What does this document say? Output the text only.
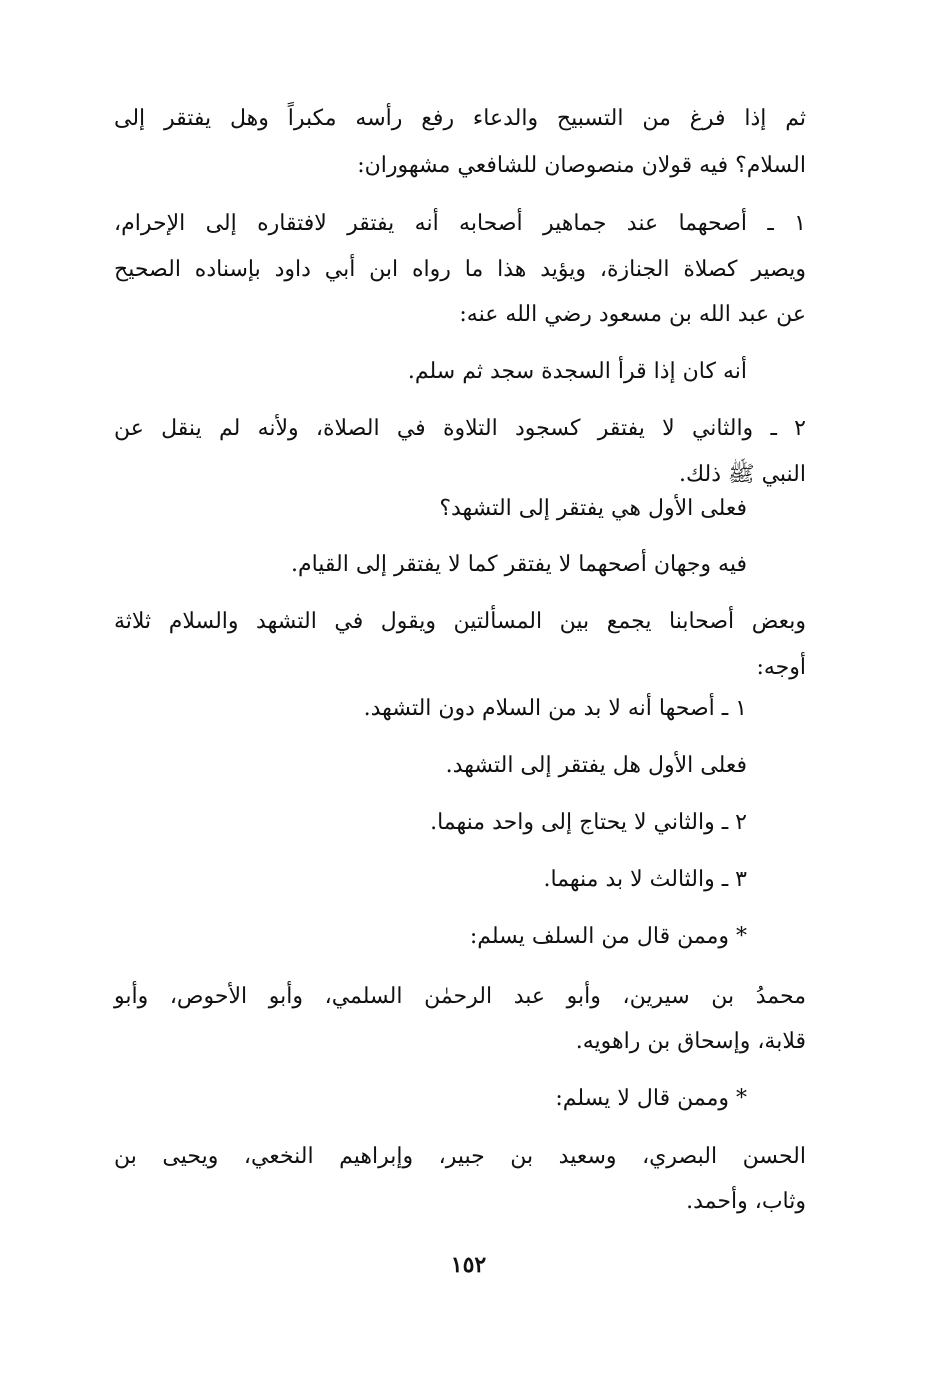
ثم إذا فرغ من التسبيح والدعاء رفع رأسه مكبراً وهل يفتقر إلى
السلام؟ فيه قولان منصوصان للشافعي مشهوران:
١ ـ أصحهما عند جماهير أصحابه أنه يفتقر لافتقاره إلى الإحرام،
ويصير كصلاة الجنازة، ويؤيد هذا ما رواه ابن أبي داود بإسناده الصحيح
عن عبد الله بن مسعود رضي الله عنه:
أنه كان إذا قرأ السجدة سجد ثم سلم.
٢ ـ والثاني لا يفتقر كسجود التلاوة في الصلاة، ولأنه لم ينقل عن
النبي ﷺ ذلك.
فعلى الأول هي يفتقر إلى التشهد؟
فيه وجهان أصحهما لا يفتقر كما لا يفتقر إلى القيام.
وبعض أصحابنا يجمع بين المسألتين ويقول في التشهد والسلام ثلاثة
أوجه:
١ ـ أصحها أنه لا بد من السلام دون التشهد.
فعلى الأول هل يفتقر إلى التشهد.
٢ ـ والثاني لا يحتاج إلى واحد منهما.
٣ ـ والثالث لا بد منهما.
* وممن قال من السلف يسلم:
محمدُ بن سيرين، وأبو عبد الرحمٰن السلمي، وأبو الأحوص، وأبو
قلابة، وإسحاق بن راهويه.
* وممن قال لا يسلم:
الحسن البصري، وسعيد بن جبير، وإبراهيم النخعي، ويحيى بن
وثاب، وأحمد.
١٥٢
